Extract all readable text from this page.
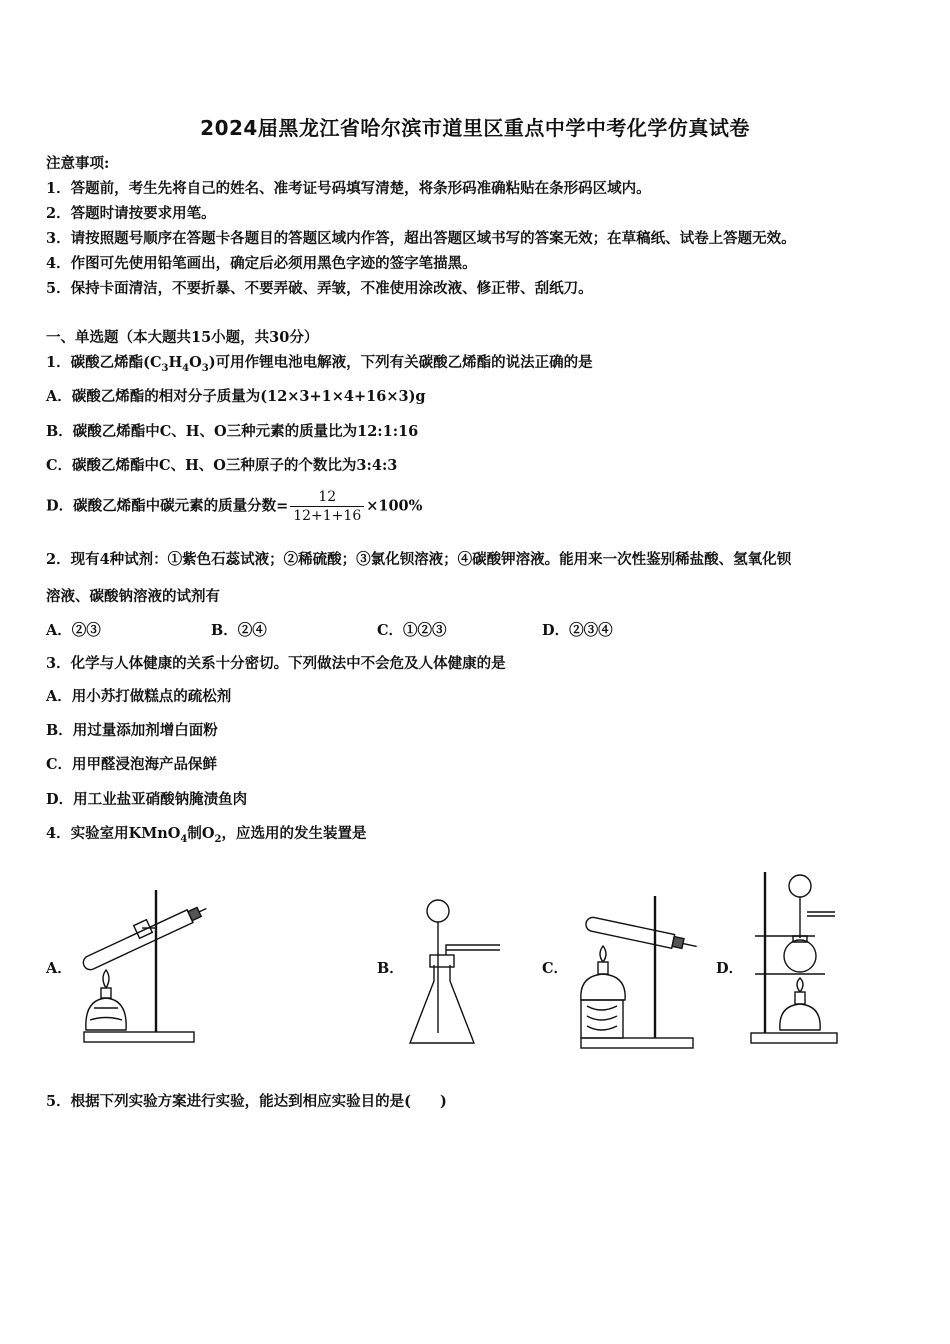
2024届黑龙江省哈尔滨市道里区重点中学中考化学仿真试卷
注意事项:
1．答题前，考生先将自己的姓名、准考证号码填写清楚，将条形码准确粘贴在条形码区域内。
2．答题时请按要求用笔。
3．请按照题号顺序在答题卡各题目的答题区域内作答，超出答题区域书写的答案无效；在草稿纸、试卷上答题无效。
4．作图可先使用铅笔画出，确定后必须用黑色字迹的签字笔描黑。
5．保持卡面清洁，不要折暴、不要弄破、弄皱，不准使用涂改液、修正带、刮纸刀。
一、单选题（本大题共15小题，共30分）
1．碳酸乙烯酯$(C_3H_4O_3)$可用作锂电池电解液，下列有关碳酸乙烯酯的说法正确的是
A．碳酸乙烯酯的相对分子质量为(12×3+1×4+16×3)g
B．碳酸乙烯酯中C、H、O三种元素的质量比为12:1:16
C．碳酸乙烯酯中C、H、O三种原子的个数比为3:4:3
D．碳酸乙烯酯中碳元素的质量分数= $\frac{12}{12+1+16} \times 100\%$
2．现有4种试剂：①紫色石蕊试液；②稀硫酸；③氯化钡溶液；④碳酸钾溶液。能用来一次性鉴别稀盐酸、氢氧化钡
溶液、碳酸钠溶液的试剂有
A．②③	B．②④	C．①②③	D．②③④
3．化学与人体健康的关系十分密切。下列做法中不会危及人体健康的是
A．用小苏打做糕点的疏松剂
B．用过量添加剂增白面粉
C．用甲醛浸泡海产品保鲜
D．用工业盐亚硝酸钠腌渍鱼肉
4．实验室用KMnO$_4$制$O_2$，应选用的发生装置是
A．	B．	C．	D．
5．根据下列实验方案进行实验，能达到相应实验目的是(　　)
